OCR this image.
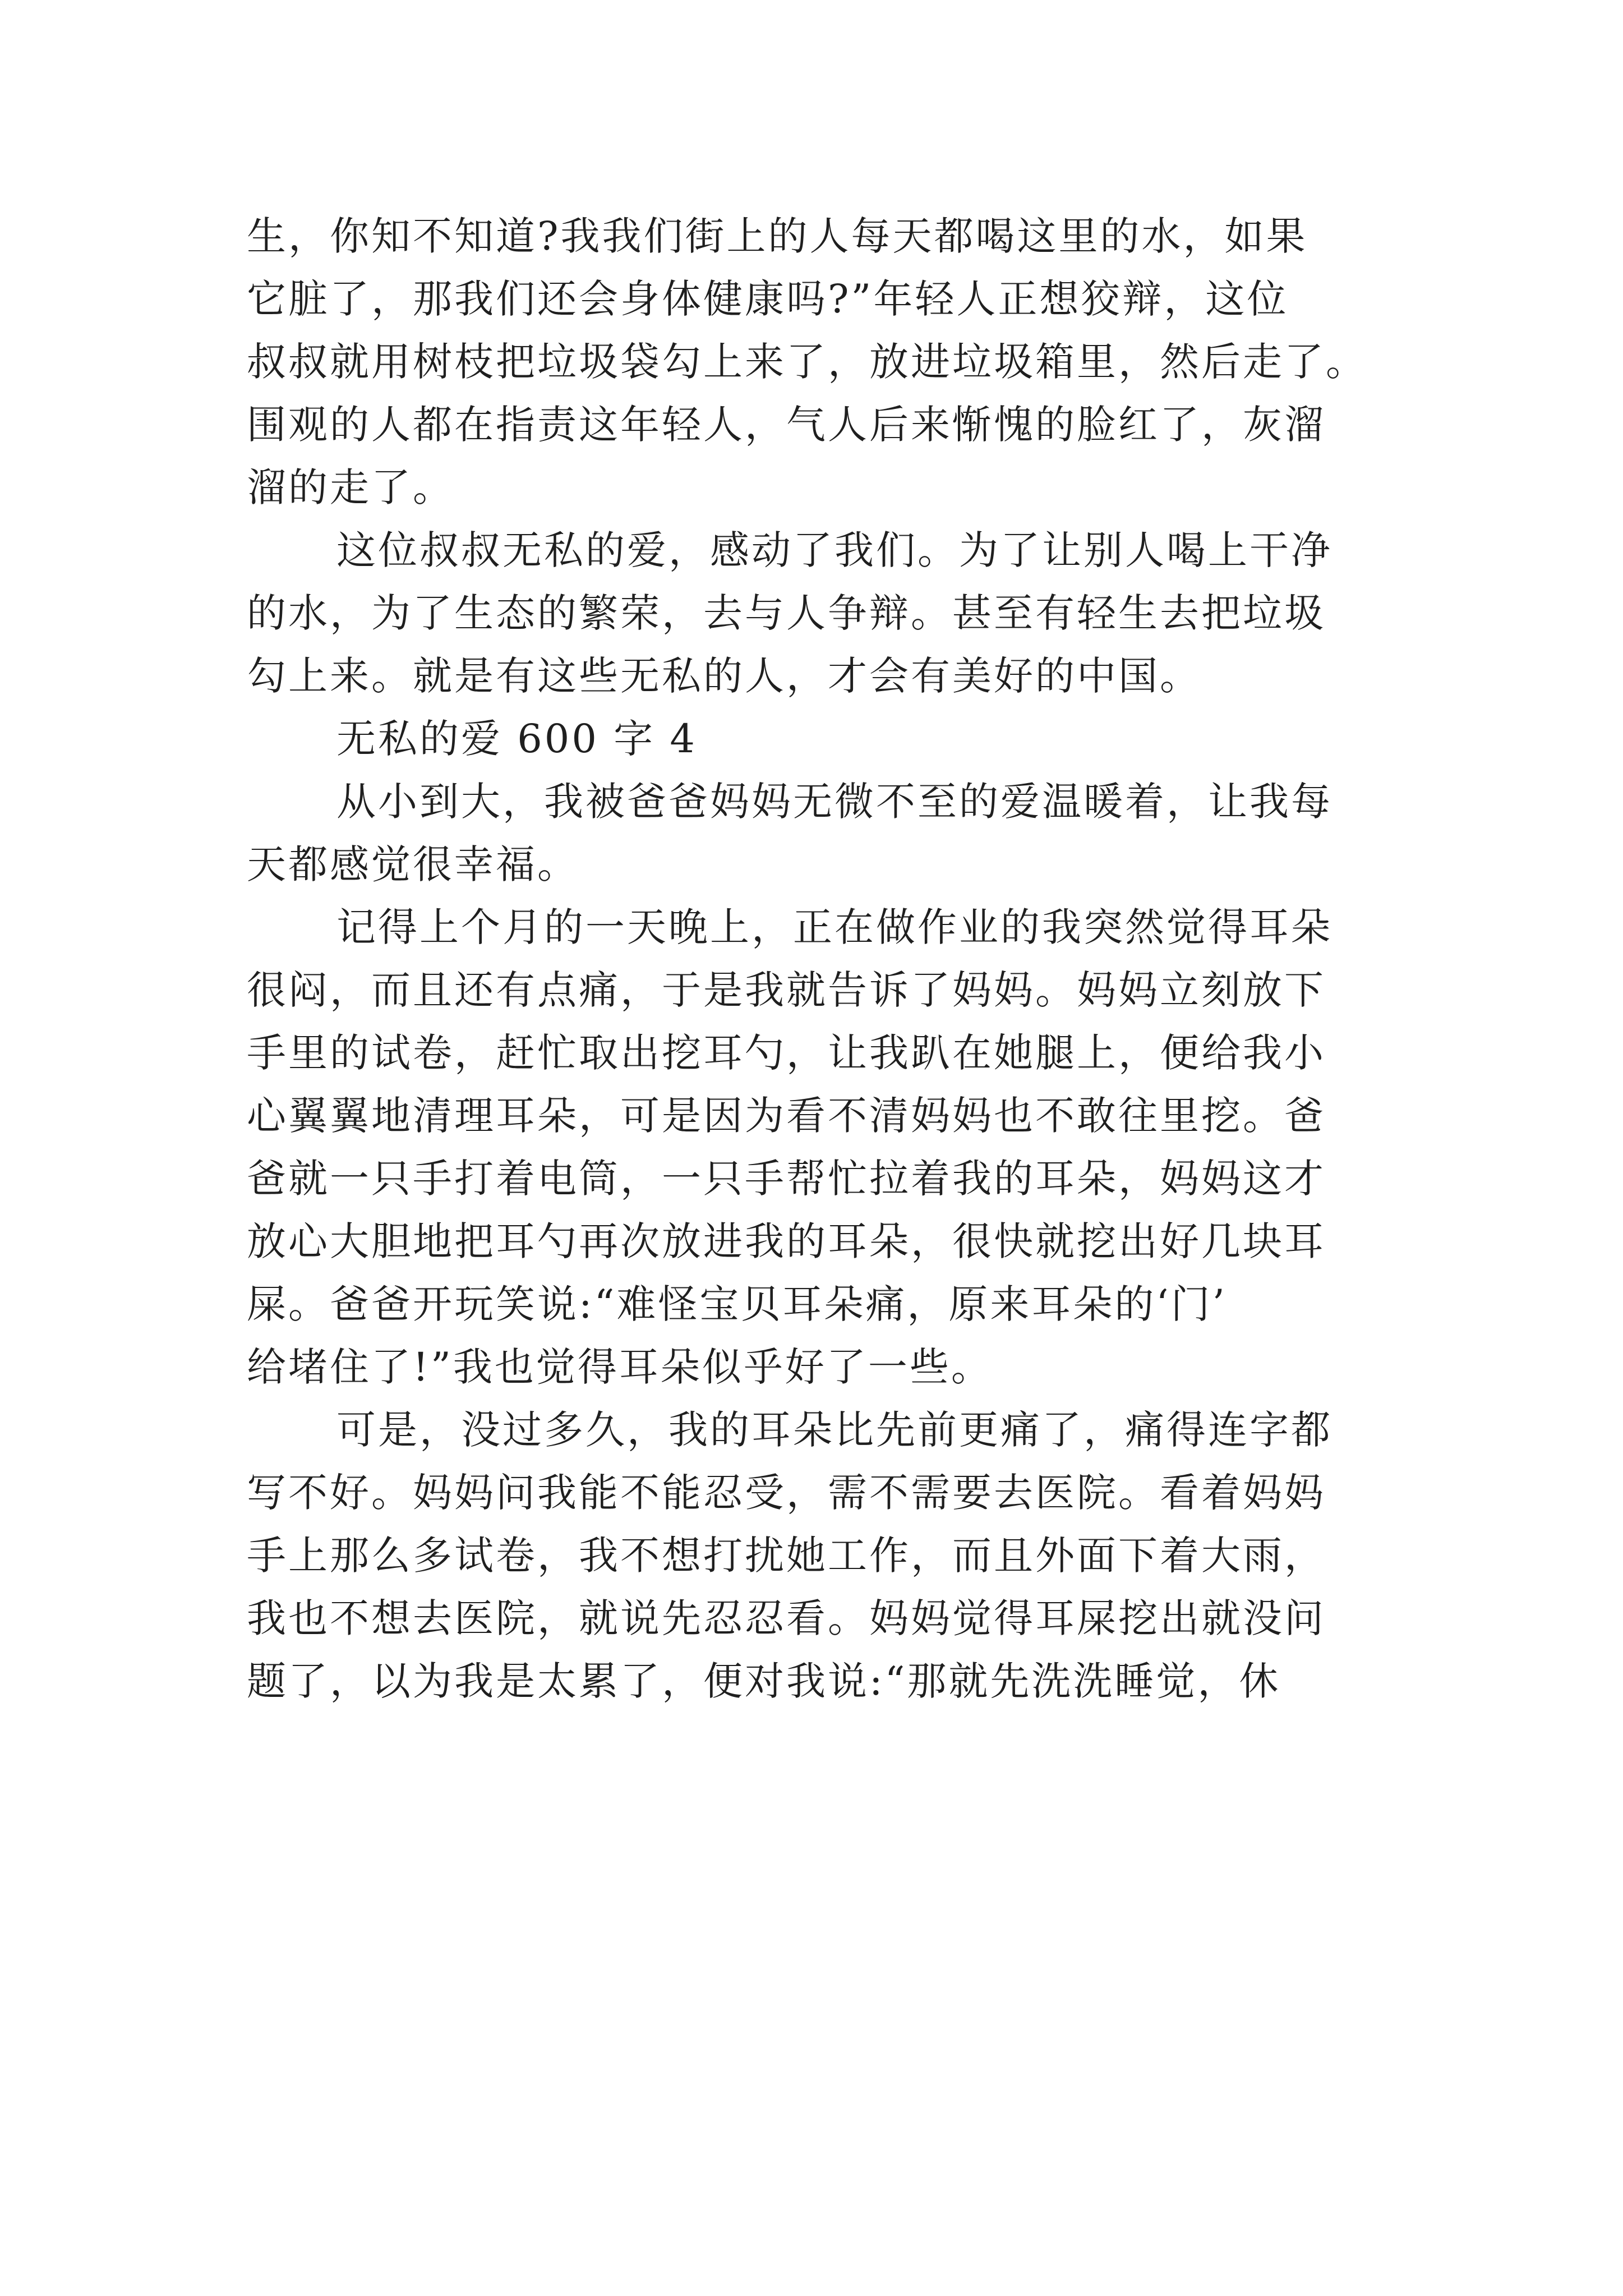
生，你知不知道?我我们街上的人每天都喝这里的水，如果
它脏了，那我们还会身体健康吗?”年轻人正想狡辩，这位
叔叔就用树枝把垃圾袋勾上来了，放进垃圾箱里，然后走了。
围观的人都在指责这年轻人，气人后来惭愧的脸红了，灰溜
溜的走了。
这位叔叔无私的爱，感动了我们。为了让别人喝上干净
的水，为了生态的繁荣，去与人争辩。甚至有轻生去把垃圾
勾上来。就是有这些无私的人，才会有美好的中国。
无私的爱 600 字 4
从小到大，我被爸爸妈妈无微不至的爱温暖着，让我每
天都感觉很幸福。
记得上个月的一天晚上，正在做作业的我突然觉得耳朵
很闷，而且还有点痛，于是我就告诉了妈妈。妈妈立刻放下
手里的试卷，赶忙取出挖耳勺，让我趴在她腿上，便给我小
心翼翼地清理耳朵，可是因为看不清妈妈也不敢往里挖。爸
爸就一只手打着电筒，一只手帮忙拉着我的耳朵，妈妈这才
放心大胆地把耳勺再次放进我的耳朵，很快就挖出好几块耳
屎。爸爸开玩笑说:“难怪宝贝耳朵痛，原来耳朵的‘门’
给堵住了!”我也觉得耳朵似乎好了一些。
可是，没过多久，我的耳朵比先前更痛了，痛得连字都
写不好。妈妈问我能不能忍受，需不需要去医院。看着妈妈
手上那么多试卷，我不想打扰她工作，而且外面下着大雨，
我也不想去医院，就说先忍忍看。妈妈觉得耳屎挖出就没问
题了，以为我是太累了，便对我说:“那就先洗洗睡觉，休
